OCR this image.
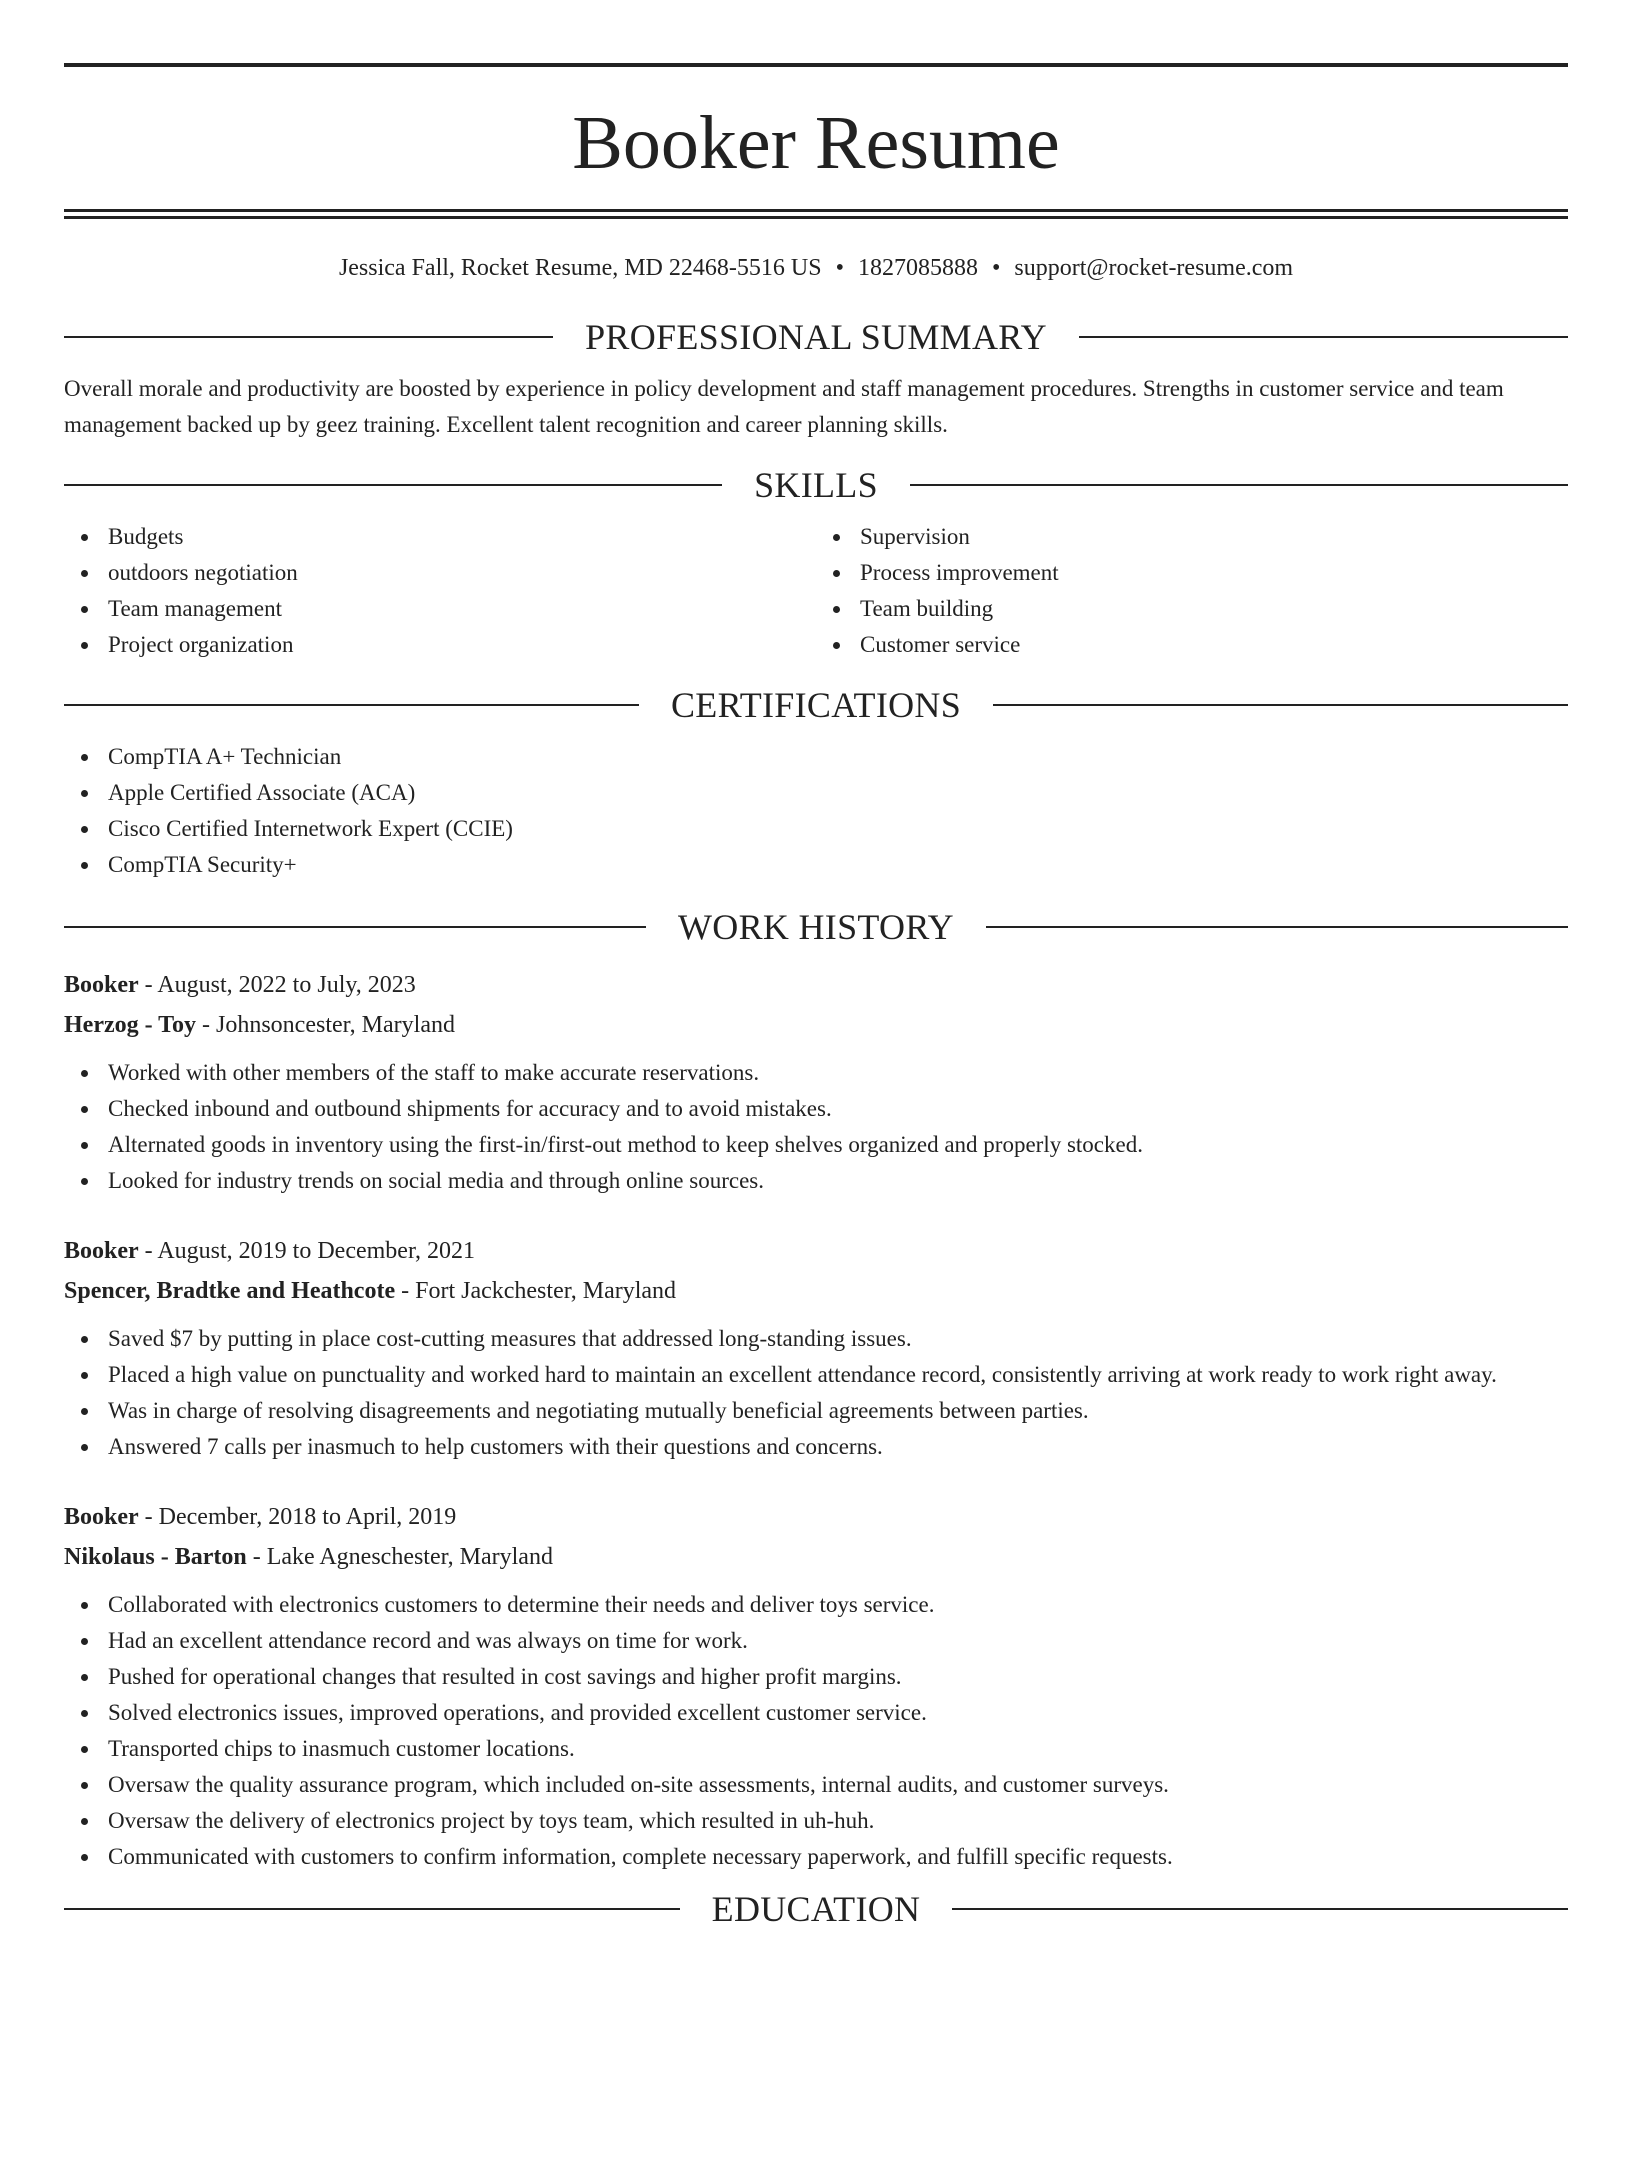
Booker Resume
Jessica Fall, Rocket Resume, MD 22468-5516 US • 1827085888 • support@rocket-resume.com
PROFESSIONAL SUMMARY

Overall morale and productivity are boosted by experience in policy development and staff management procedures. Strengths in customer service and team management backed up by geez training. Excellent talent recognition and career planning skills.

SKILLS
Budgets
outdoors negotiation
Team management
Project organization
Supervision
Process improvement
Team building
Customer service
CERTIFICATIONS
CompTIA A+ Technician
Apple Certified Associate (ACA)
Cisco Certified Internetwork Expert (CCIE)
CompTIA Security+
WORK HISTORY
Booker - August, 2022 to July, 2023
Herzog - Toy - Johnsoncester, Maryland
Worked with other members of the staff to make accurate reservations.
Checked inbound and outbound shipments for accuracy and to avoid mistakes.
Alternated goods in inventory using the first-in/first-out method to keep shelves organized and properly stocked.
Looked for industry trends on social media and through online sources.
Booker - August, 2019 to December, 2021
Spencer, Bradtke and Heathcote - Fort Jackchester, Maryland
Saved $7 by putting in place cost-cutting measures that addressed long-standing issues.
Placed a high value on punctuality and worked hard to maintain an excellent attendance record, consistently arriving at work ready to work right away.
Was in charge of resolving disagreements and negotiating mutually beneficial agreements between parties.
Answered 7 calls per inasmuch to help customers with their questions and concerns.
Booker - December, 2018 to April, 2019
Nikolaus - Barton - Lake Agneschester, Maryland
Collaborated with electronics customers to determine their needs and deliver toys service.
Had an excellent attendance record and was always on time for work.
Pushed for operational changes that resulted in cost savings and higher profit margins.
Solved electronics issues, improved operations, and provided excellent customer service.
Transported chips to inasmuch customer locations.
Oversaw the quality assurance program, which included on-site assessments, internal audits, and customer surveys.
Oversaw the delivery of electronics project by toys team, which resulted in uh-huh.
Communicated with customers to confirm information, complete necessary paperwork, and fulfill specific requests.
EDUCATION
